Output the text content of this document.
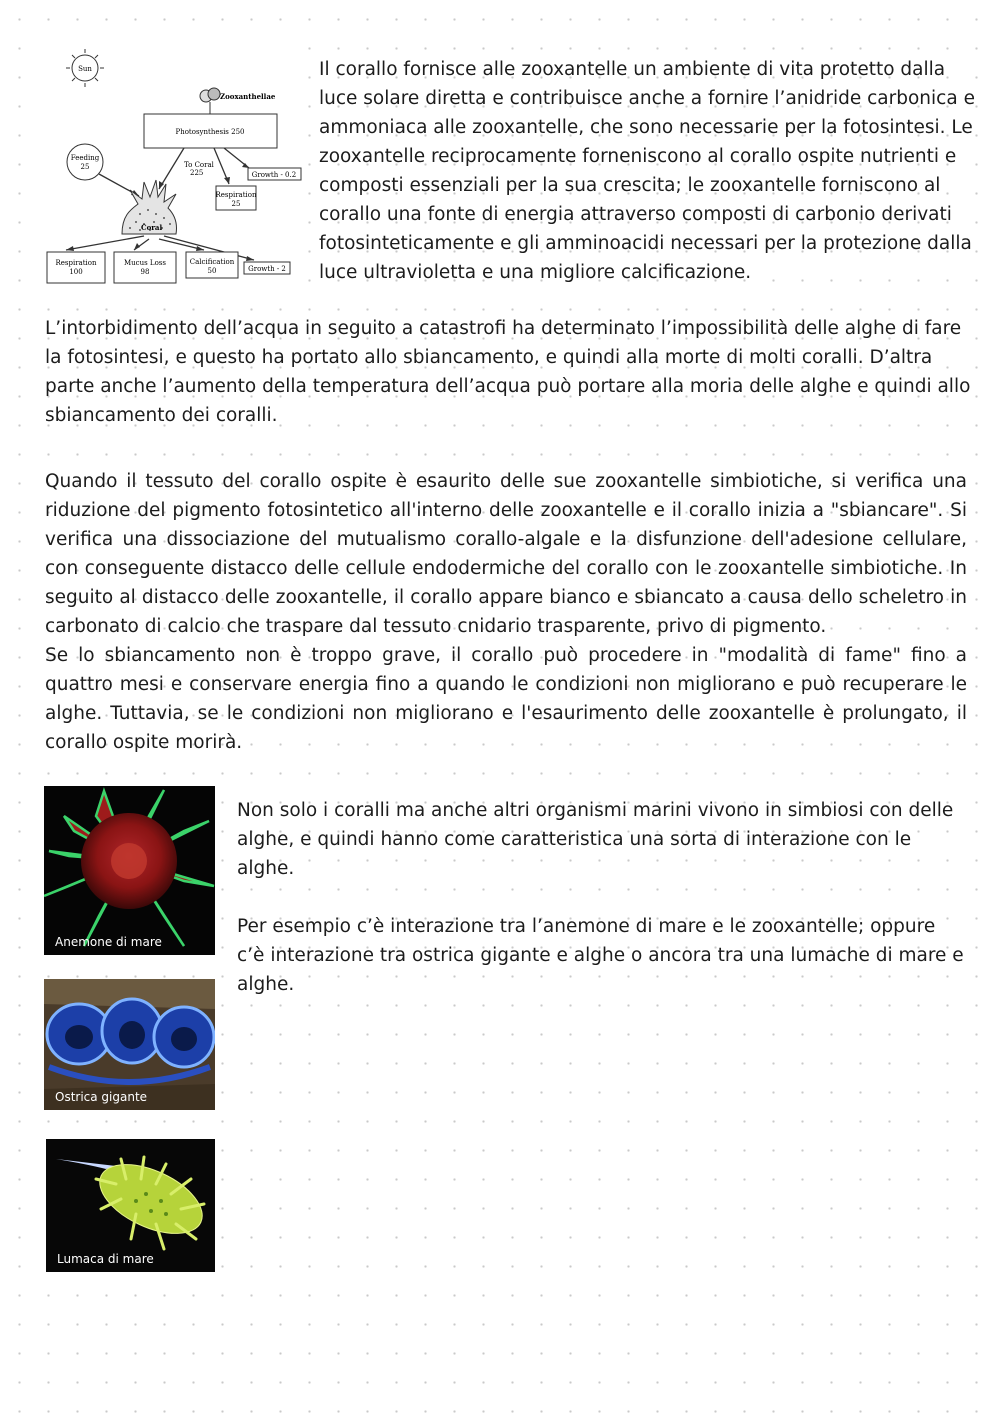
Sun
Zooxanthellae
Photosynthesis 250
Feeding
25	To Coral
225	Growth - 0.2
Respiration
25
Coral
Respiration
100
Mucus Loss
98
Calcification
50	Growth - 2

Il corallo fornisce alle zooxantelle un ambiente di vita protetto dalla luce solare diretta e contribuisce anche a fornire l’anidride carbonica e ammoniaca alle zooxantelle, che sono necessarie per la fotosintesi. Le zooxantelle reciprocamente forneniscono al corallo ospite nutrienti e composti essenziali per la sua crescita; le zooxantelle forniscono al corallo una fonte di energia attraverso composti di carbonio derivati fotosinteticamente e gli amminoacidi necessari per la protezione dalla luce ultravioletta e una migliore calcificazione.

L’intorbidimento dell’acqua in seguito a catastrofi ha determinato l’impossibilità delle alghe di fare la fotosintesi, e questo ha portato allo sbiancamento, e quindi alla morte di molti coralli. D’altra parte anche l’aumento della temperatura dell’acqua può portare alla moria delle alghe e quindi allo sbiancamento dei coralli.

Quando il tessuto del corallo ospite è esaurito delle sue zooxantelle simbiotiche, si verifica una riduzione del pigmento fotosintetico all'interno delle zooxantelle e il corallo inizia a "sbiancare". Si verifica una dissociazione del mutualismo corallo-algale e la disfunzione dell'adesione cellulare, con conseguente distacco delle cellule endodermiche del corallo con le zooxantelle simbiotiche. In seguito al distacco delle zooxantelle, il corallo appare bianco e sbiancato a causa dello scheletro in carbonato di calcio che traspare dal tessuto cnidario trasparente, privo di pigmento.

Se lo sbiancamento non è troppo grave, il corallo può procedere in "modalità di fame" fino a quattro mesi e conservare energia fino a quando le condizioni non migliorano e può recuperare le alghe. Tuttavia, se le condizioni non migliorano e l'esaurimento delle zooxantelle è prolungato, il corallo ospite morirà.

Non solo i coralli ma anche altri organismi marini vivono in simbiosi con delle alghe, e quindi hanno come caratteristica una sorta di interazione con le alghe.

Per esempio c’è interazione tra l’anemone di mare e le zooxantelle; oppure c’è interazione tra ostrica gigante e alghe o ancora tra una lumache di mare e alghe.

Anemone di mare
Ostrica gigante
Lumaca di mare
